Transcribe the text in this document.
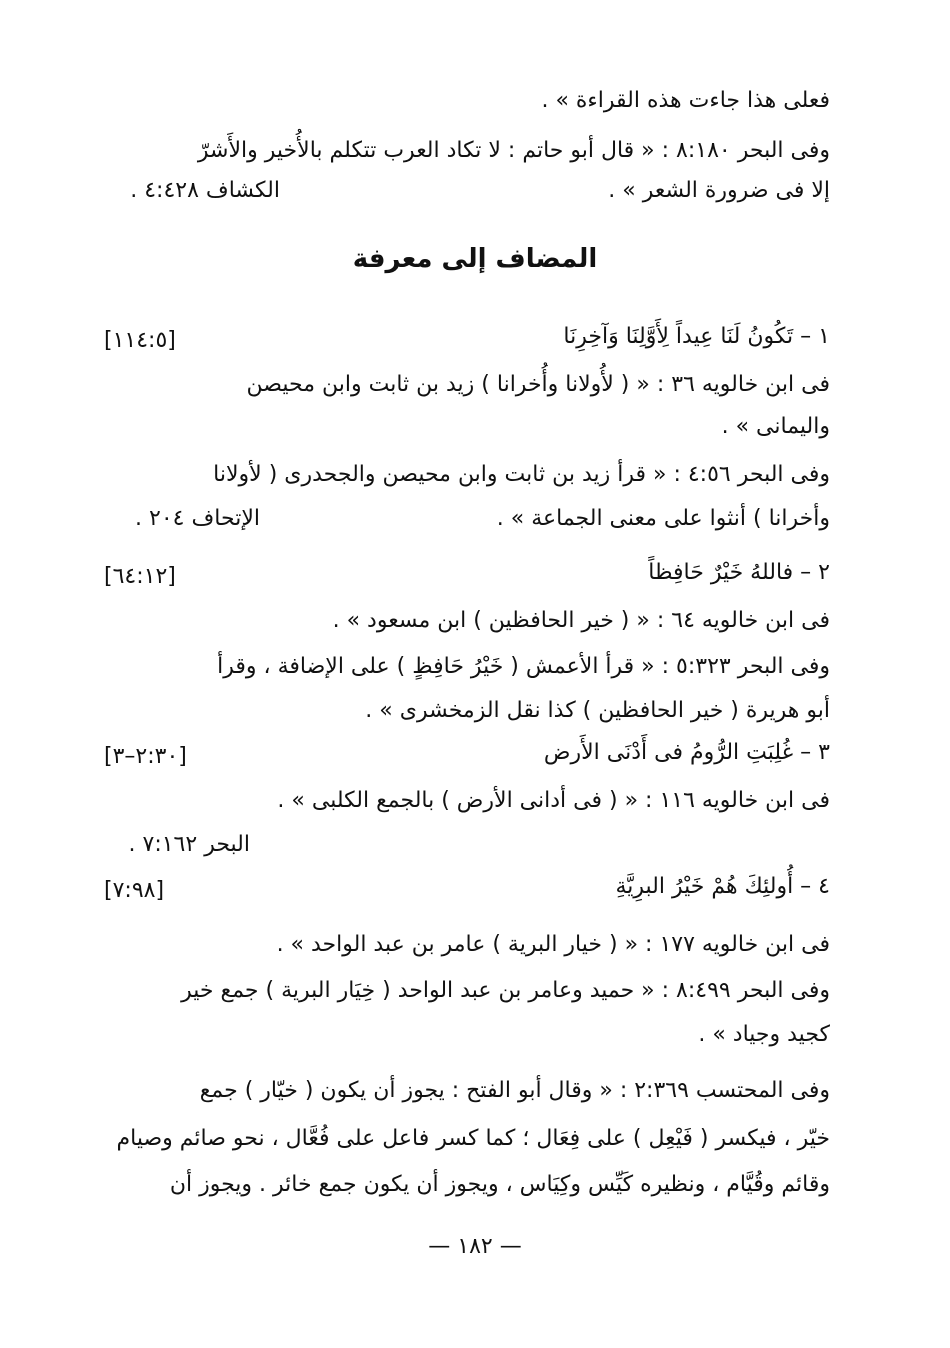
فعلى هذا جاءت هذه القراءة » .
وفى البحر ٨:١٨٠ : « قال أبو حاتم : لا تكاد العرب تتكلم بالأُخير والأَشرّ
إلا فى ضرورة الشعر » .
الكشاف ٤:٤٢٨ .
المضاف إلى معرفة
١ – تَكُونُ لَنَا عِيداً لِأَوَّلِنَا وَآخِرِنَا
[١١٤:٥]
فى ابن خالويه ٣٦ : « ( لأُولانا وأُخرانا ) زيد بن ثابت وابن محيصن
واليمانى » .
وفى البحر ٤:٥٦ : « قرأ زيد بن ثابت وابن محيصن والجحدرى ( لأولانا
وأخرانا ) أنثوا على معنى الجماعة » .
الإتحاف ٢٠٤ .
٢ – فاللهُ خَيْرٌ حَافِظاً
[٦٤:١٢]
فى ابن خالويه ٦٤ : « ( خير الحافظين ) ابن مسعود » .
وفى البحر ٥:٣٢٣ : « قرأ الأعمش ( خَيْرُ حَافِظٍ ) على الإضافة ، وقرأ
أبو هريرة ( خير الحافظين ) كذا نقل الزمخشرى » .
٣ – غُلِبَتِ الرُّومُ فى أَدْنَى الأَرض
[٢:٣٠–٣]
فى ابن خالويه ١١٦ : « ( فى أدانى الأرض ) بالجمع الكلبى » .
البحر ٧:١٦٢ .
٤ – أُولئِكَ هُمْ خَيْرُ البرِيَّةِ
[٧:٩٨]
فى ابن خالويه ١٧٧ : « ( خيار البرية ) عامر بن عبد الواحد » .
وفى البحر ٨:٤٩٩ : « حميد وعامر بن عبد الواحد ( خِيَار البرية ) جمع خير
كجيد وجياد » .
وفى المحتسب ٢:٣٦٩ : « وقال أبو الفتح : يجوز أن يكون ( خيّار ) جمع
خيّر ، فيكسر ( فَيْعِل ) على فِعَال ؛ كما كسر فاعل على فُعَّال ، نحو صائم وصيام
وقائم وقُيَّام ، ونظيره كَيِّس وكِيَاس ، ويجوز أن يكون جمع خائر . ويجوز أن
— ١٨٢ —
